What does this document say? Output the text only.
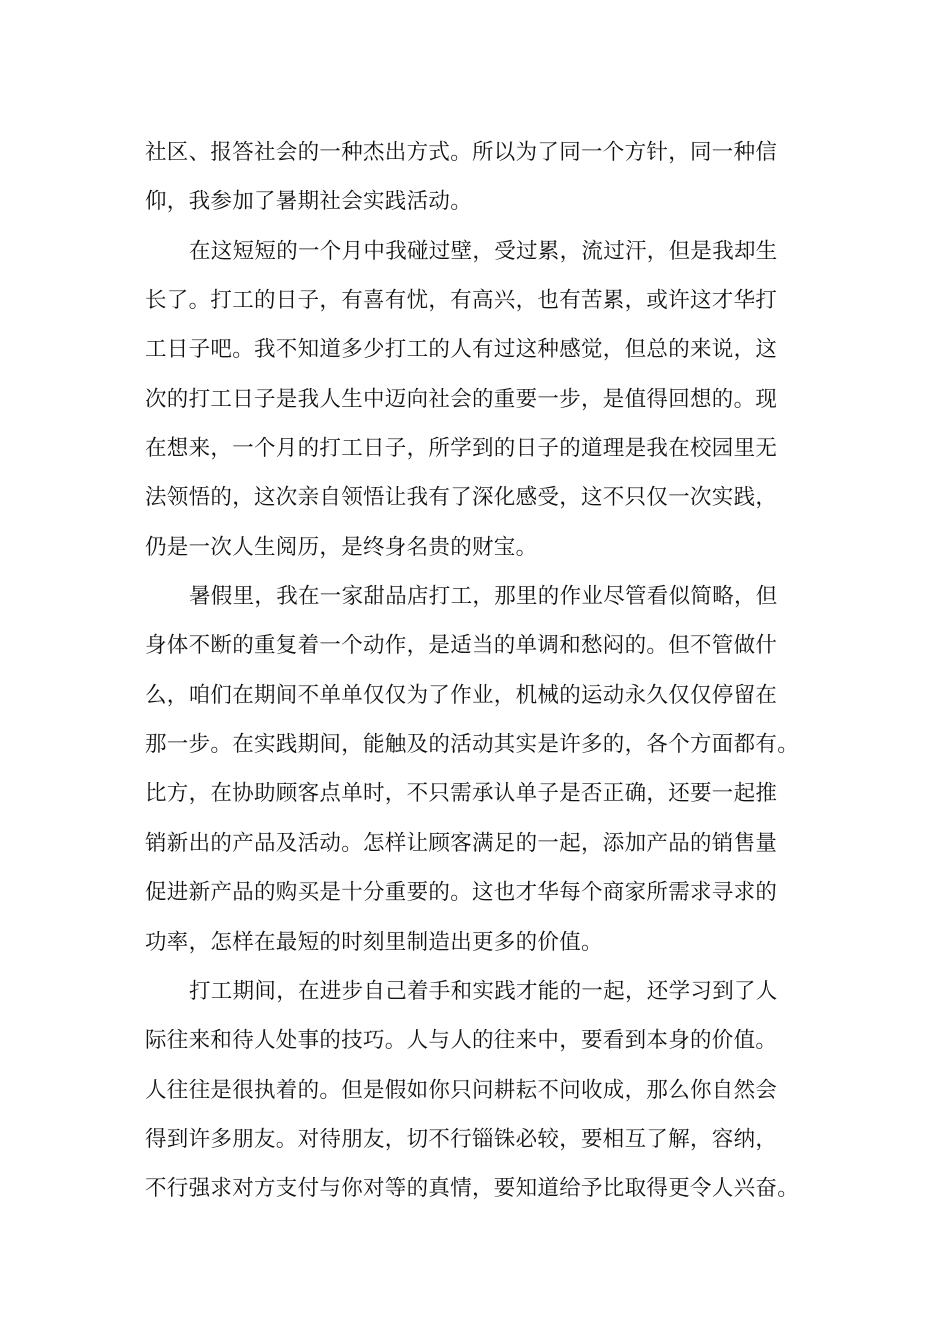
社区、报答社会的一种杰出方式。所以为了同一个方针，同一种信
仰，我参加了暑期社会实践活动。
在这短短的一个月中我碰过壁，受过累，流过汗，但是我却生
长了。打工的日子，有喜有忧，有高兴，也有苦累，或许这才华打
工日子吧。我不知道多少打工的人有过这种感觉，但总的来说，这
次的打工日子是我人生中迈向社会的重要一步，是值得回想的。现
在想来，一个月的打工日子，所学到的日子的道理是我在校园里无
法领悟的，这次亲自领悟让我有了深化感受，这不只仅一次实践，
仍是一次人生阅历，是终身名贵的财宝。
暑假里，我在一家甜品店打工，那里的作业尽管看似简略，但
身体不断的重复着一个动作，是适当的单调和愁闷的。但不管做什
么，咱们在期间不单单仅仅为了作业，机械的运动永久仅仅停留在
那一步。在实践期间，能触及的活动其实是许多的，各个方面都有。
比方，在协助顾客点单时，不只需承认单子是否正确，还要一起推
销新出的产品及活动。怎样让顾客满足的一起，添加产品的销售量
促进新产品的购买是十分重要的。这也才华每个商家所需求寻求的
功率，怎样在最短的时刻里制造出更多的价值。
打工期间，在进步自己着手和实践才能的一起，还学习到了人
际往来和待人处事的技巧。人与人的往来中，要看到本身的价值。
人往往是很执着的。但是假如你只问耕耘不问收成，那么你自然会
得到许多朋友。对待朋友，切不行锱铢必较，要相互了解，容纳，
不行强求对方支付与你对等的真情，要知道给予比取得更令人兴奋。
